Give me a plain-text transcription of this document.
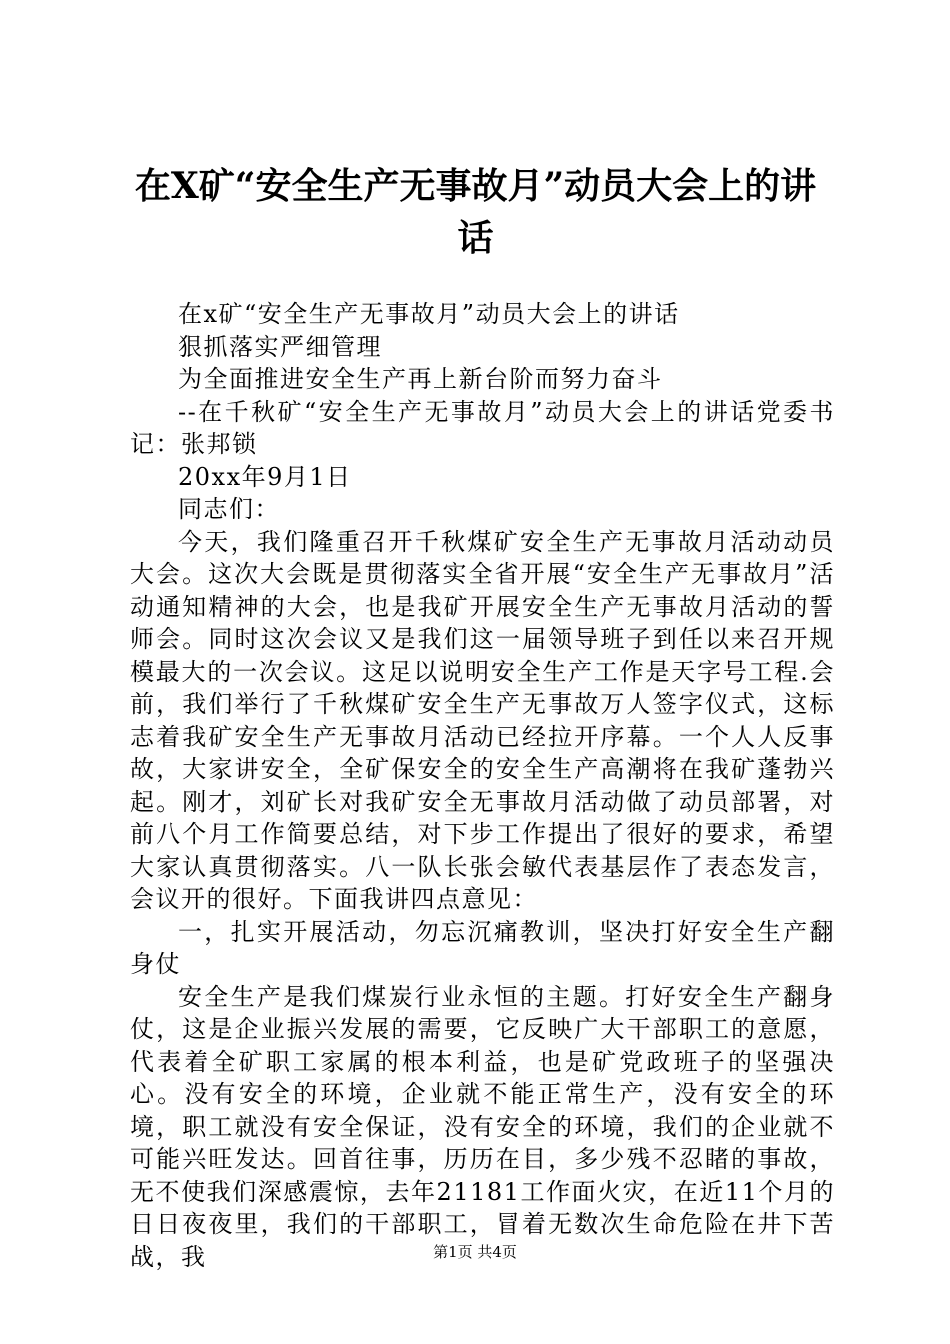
在X矿“安全生产无事故月”动员大会上的讲话

在x矿“安全生产无事故月”动员大会上的讲话

狠抓落实严细管理

为全面推进安全生产再上新台阶而努力奋斗

--在千秋矿“安全生产无事故月”动员大会上的讲话党委书记：张邦锁

20xx年9月1日

同志们：

今天，我们隆重召开千秋煤矿安全生产无事故月活动动员大会。这次大会既是贯彻落实全省开展“安全生产无事故月”活动通知精神的大会，也是我矿开展安全生产无事故月活动的誓师会。同时这次会议又是我们这一届领导班子到任以来召开规模最大的一次会议。这足以说明安全生产工作是天字号工程.会前，我们举行了千秋煤矿安全生产无事故万人签字仪式，这标志着我矿安全生产无事故月活动已经拉开序幕。一个人人反事故，大家讲安全，全矿保安全的安全生产高潮将在我矿蓬勃兴起。刚才，刘矿长对我矿安全无事故月活动做了动员部署，对前八个月工作简要总结，对下步工作提出了很好的要求，希望大家认真贯彻落实。八一队长张会敏代表基层作了表态发言，会议开的很好。下面我讲四点意见：

一，扎实开展活动，勿忘沉痛教训，坚决打好安全生产翻身仗

安全生产是我们煤炭行业永恒的主题。打好安全生产翻身仗，这是企业振兴发展的需要，它反映广大干部职工的意愿，代表着全矿职工家属的根本利益，也是矿党政班子的坚强决心。没有安全的环境，企业就不能正常生产，没有安全的环境，职工就没有安全保证，没有安全的环境，我们的企业就不可能兴旺发达。回首往事，历历在目，多少残不忍睹的事故，无不使我们深感震惊，去年21181工作面火灾，在近11个月的日日夜夜里，我们的干部职工，冒着无数次生命危险在井下苦战，我	第1页 共4页
